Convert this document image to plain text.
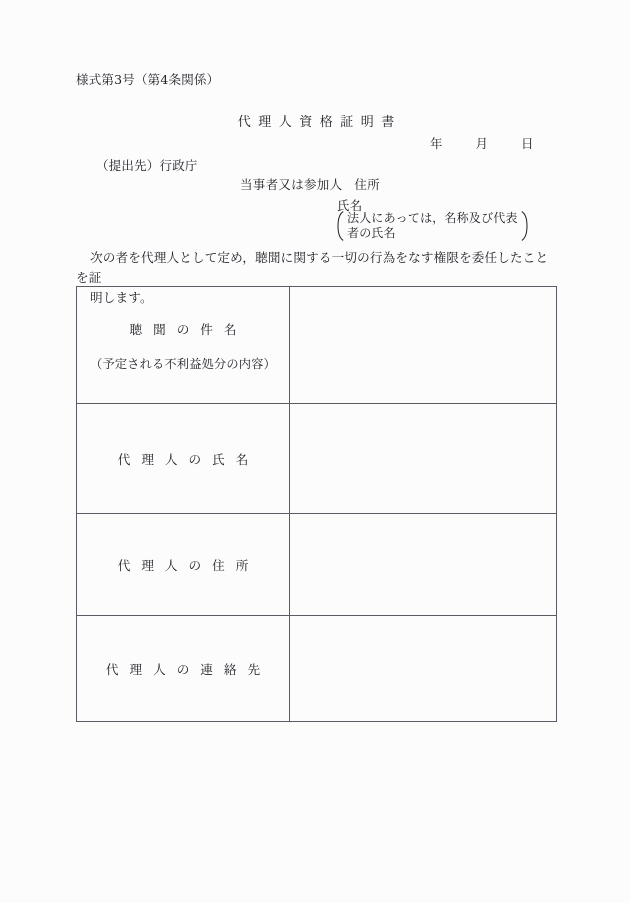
様式第3号（第4条関係）
代理人資格証明書
年	月	日
（提出先）行政庁
当事者又は参加人 住所
氏名
法人にあっては，名称及び代表
者の氏名
次の者を代理人として定め，聴聞に関する一切の行為をなす権限を委任したことを証
明します。
聴聞の件名
（予定される不利益処分の内容）	

代理人の氏名	

代理人の住所	

代理人の連絡先	
